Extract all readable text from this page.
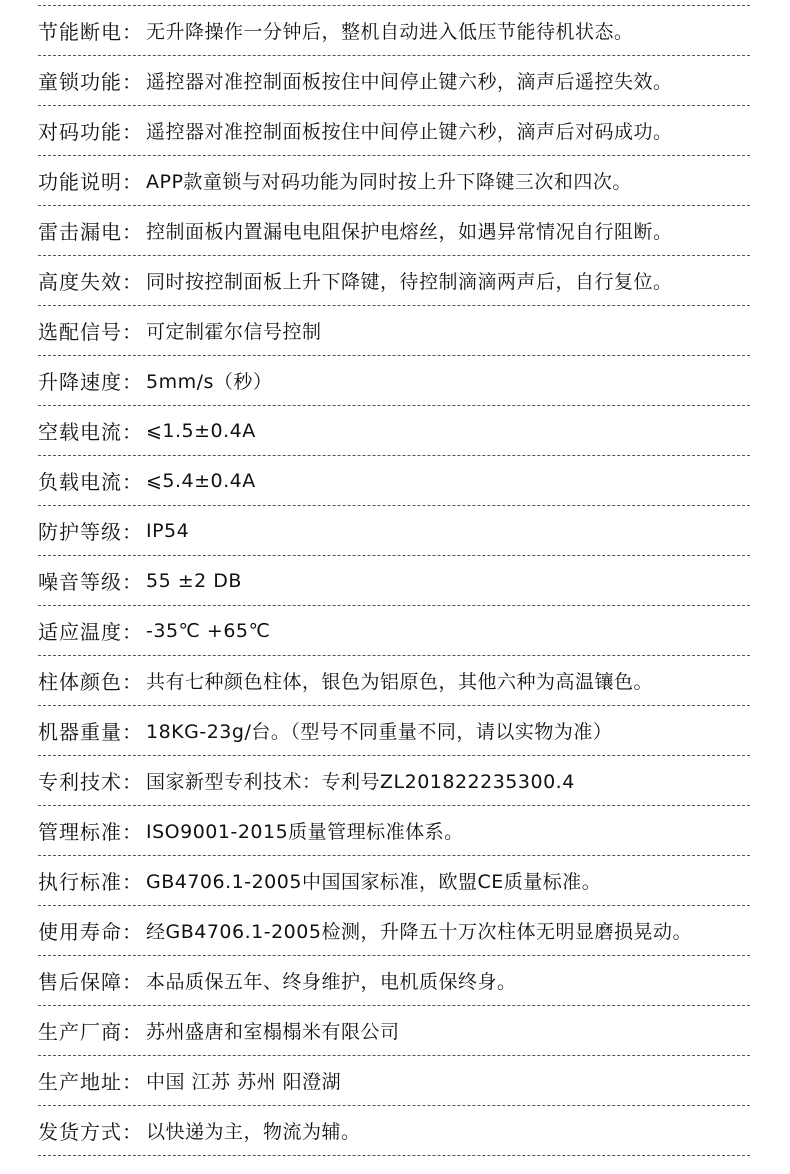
节能断电 ： 无升降操作一分钟后，整机自动进入低压节能待机状态。
童锁功能 ： 遥控器对准控制面板按住中间停止键六秒，滴声后遥控失效。
对码功能 ： 遥控器对准控制面板按住中间停止键六秒，滴声后对码成功。
功能说明 ： APP款童锁与对码功能为同时按上升下降键三次和四次。
雷击漏电 ： 控制面板内置漏电电阻保护电熔丝，如遇异常情况自行阻断。
高度失效 ： 同时按控制面板上升下降键，待控制滴滴两声后，自行复位。
选配信号 ： 可定制霍尔信号控制
升降速度 ： 5mm/s（秒）
空载电流 ： ⩽1.5±0.4A
负载电流 ： ⩽5.4±0.4A
防护等级 ： IP54
噪音等级 ： 55 ±2 DB
适应温度 ： -35℃ +65℃
柱体颜色 ： 共有七种颜色柱体，银色为铝原色，其他六种为高温镶色。
机器重量 ： 18KG-23g/台。（型号不同重量不同，请以实物为准）
专利技术 ： 国家新型专利技术：专利号ZL201822235300.4
管理标准 ： ISO9001-2015质量管理标准体系。
执行标准 ： GB4706.1-2005中国国家标准，欧盟CE质量标准。
使用寿命 ： 经GB4706.1-2005检测，升降五十万次柱体无明显磨损晃动。
售后保障 ： 本品质保五年、终身维护，电机质保终身。
生产厂商 ： 苏州盛唐和室榻榻米有限公司
生产地址 ： 中国 江苏 苏州 阳澄湖
发货方式 ： 以快递为主，物流为辅。
